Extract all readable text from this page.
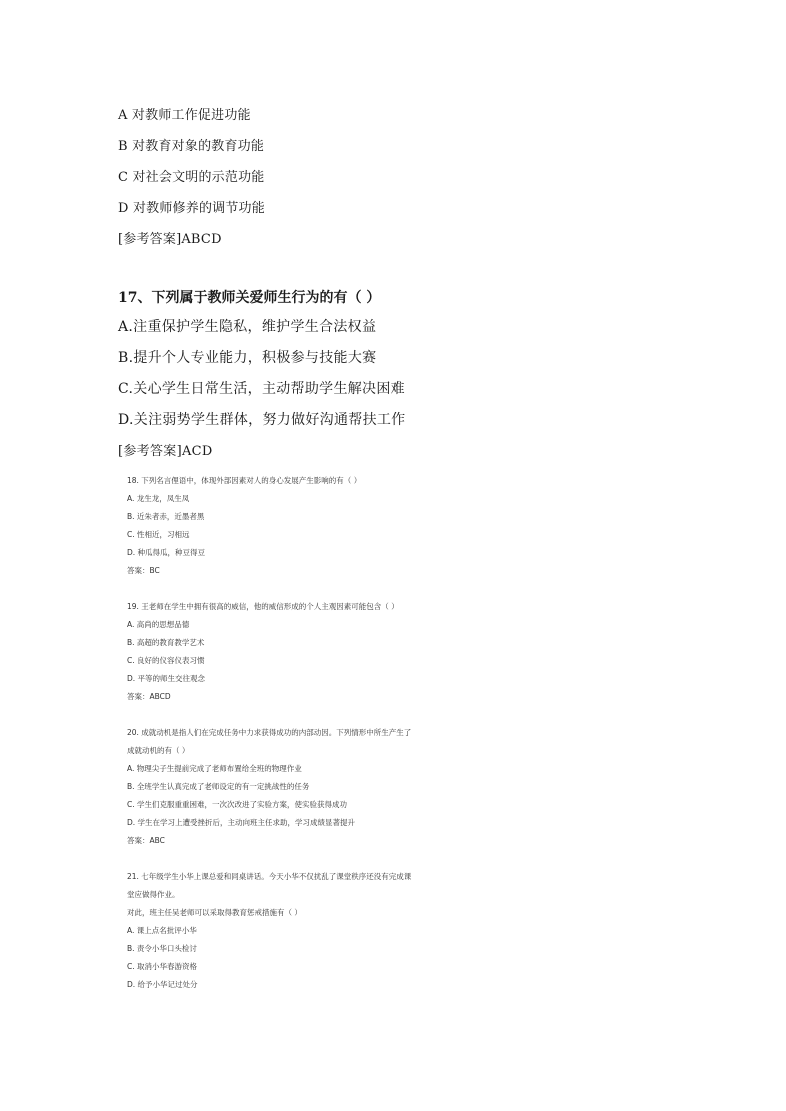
A 对教师工作促进功能
B 对教育对象的教育功能
C 对社会文明的示范功能
D 对教师修养的调节功能
[参考答案]ABCD
17、下列属于教师关爱师生行为的有（ ）
A.注重保护学生隐私，维护学生合法权益
B.提升个人专业能力，积极参与技能大赛
C.关心学生日常生活，主动帮助学生解决困难
D.关注弱势学生群体，努力做好沟通帮扶工作
[参考答案]ACD
18. 下列名言俚语中，体现外部因素对人的身心发展产生影响的有（ ）
A. 龙生龙，凤生凤
B. 近朱者赤，近墨者黑
C. 性相近，习相远
D. 种瓜得瓜，种豆得豆
答案：BC
19. 王老师在学生中拥有很高的威信，他的威信形成的个人主观因素可能包含（ ）
A. 高尚的思想品德
B. 高超的教育教学艺术
C. 良好的仪容仪表习惯
D. 平等的师生交往观念
答案：ABCD
20. 成就动机是指人们在完成任务中力求获得成功的内部动因。下列情形中所生产生了
成就动机的有（ ）
A. 物理尖子生提前完成了老师布置给全班的物理作业
B. 全班学生认真完成了老师设定的有一定挑战性的任务
C. 学生们克服重重困难，一次次改进了实验方案，使实验获得成功
D. 学生在学习上遭受挫折后，主动向班主任求助，学习成绩显著提升
答案：ABC
21. 七年级学生小华上课总爱和同桌讲话。今天小华不仅扰乱了课堂秩序还没有完成课
堂应做得作业。
对此，班主任吴老师可以采取得教育惩戒措施有（ ）
A. 课上点名批评小华
B. 责令小华口头检讨
C. 取消小华春游资格
D. 给予小华记过处分
